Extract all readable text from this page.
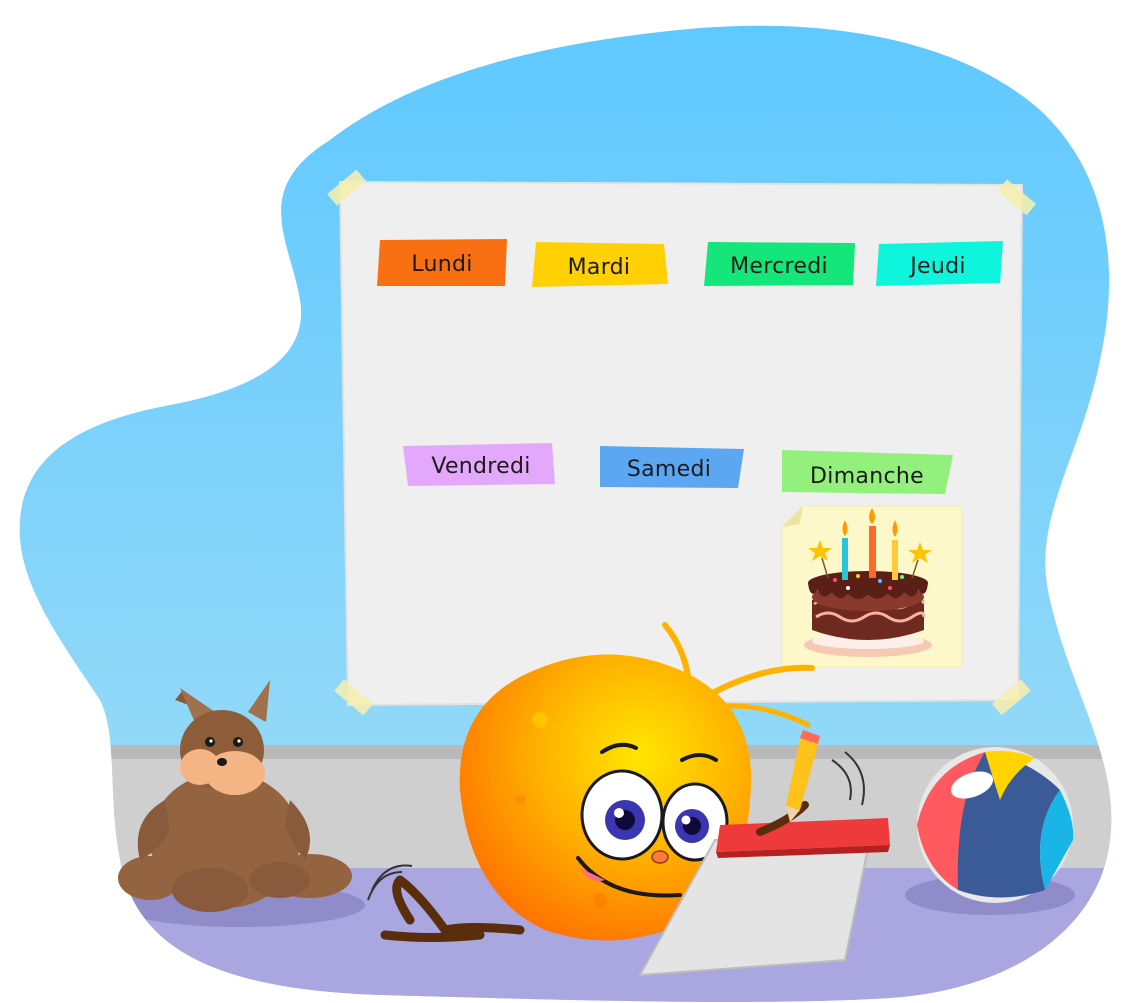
Lundi	Mardi	Mercredi	Jeudi
Vendredi	Samedi	Dimanche
